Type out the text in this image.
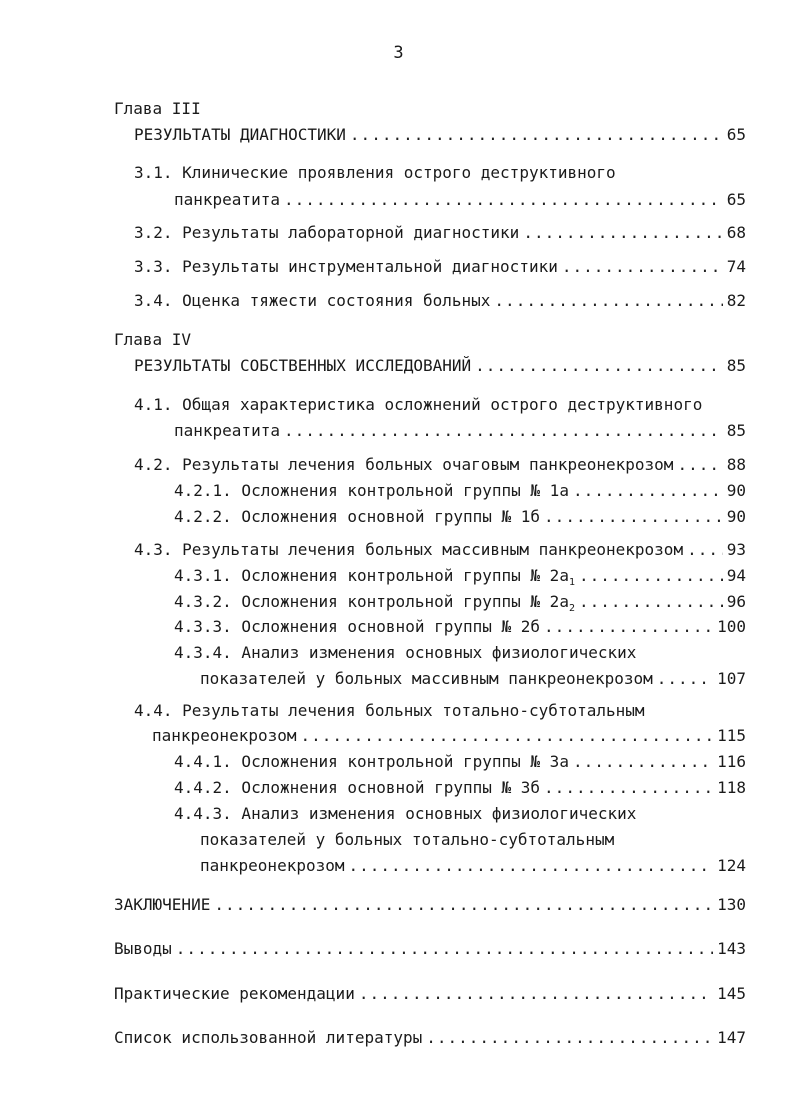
3
Глава III
РЕЗУЛЬТАТЫ ДИАГНОСТИКИ .....	65
3.1. Клинические проявления острого деструктивного
панкреатита .....	65
3.2. Результаты лабораторной диагностики .....	68
3.3. Результаты инструментальной диагностики .....	74
3.4. Оценка тяжести состояния больных .....	82
Глава IV
РЕЗУЛЬТАТЫ СОБСТВЕННЫХ ИССЛЕДОВАНИЙ .....	85
4.1. Общая характеристика осложнений острого деструктивного
панкреатита .....	85
4.2. Результаты лечения больных очаговым панкреонекрозом .....	88
4.2.1. Осложнения контрольной группы № 1а .....	90
4.2.2. Осложнения основной группы № 1б .....	90
4.3. Результаты лечения больных массивным панкреонекрозом .....	93
4.3.1. Осложнения контрольной группы № $2а_1$ .....	94
4.3.2. Осложнения контрольной группы № $2а_2$ .....	96
4.3.3. Осложнения основной группы № 2б .....	100
4.3.4. Анализ изменения основных физиологических
показателей у больных массивным панкреонекрозом .....	107
4.4. Результаты лечения больных тотально-субтотальным
панкреонекрозом .....	115
4.4.1. Осложнения контрольной группы № 3а .....	116
4.4.2. Осложнения основной группы № 3б .....	118
4.4.3. Анализ изменения основных физиологических
показателей у больных тотально-субтотальным
панкреонекрозом .....	124
ЗАКЛЮЧЕНИЕ .....	130
Выводы .....	143
Практические рекомендации .....	145
Список использованной литературы .....	147
